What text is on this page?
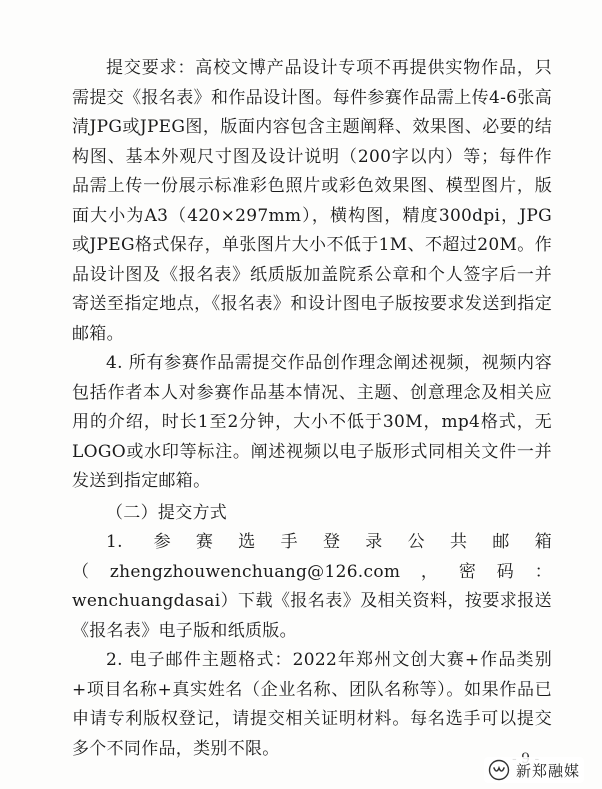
提交要求：高校文博产品设计专项不再提供实物作品，只需提交《报名表》和作品设计图。每件参赛作品需上传4-6张高清JPG或JPEG图，版面内容包含主题阐释、效果图、必要的结构图、基本外观尺寸图及设计说明（200字以内）等；每件作品需上传一份展示标准彩色照片或彩色效果图、模型图片，版面大小为A3（420×297mm），横构图，精度300dpi，JPG或JPEG格式保存，单张图片大小不低于1M、不超过20M。作品设计图及《报名表》纸质版加盖院系公章和个人签字后一并寄送至指定地点，《报名表》和设计图电子版按要求发送到指定邮箱。

4. 所有参赛作品需提交作品创作理念阐述视频，视频内容包括作者本人对参赛作品基本情况、主题、创意理念及相关应用的介绍，时长1至2分钟，大小不低于30M，mp4格式，无LOGO或水印等标注。阐述视频以电子版形式同相关文件一并发送到指定邮箱。

（二）提交方式

1. 参赛选手登录公共邮箱（zhengzhouwenchuang@126.com，密码：wenchuangdasai）下载《报名表》及相关资料，按要求报送《报名表》电子版和纸质版。

2. 电子邮件主题格式：2022年郑州文创大赛+作品类别+项目名称+真实姓名（企业名称、团队名称等）。如果作品已申请专利版权登记，请提交相关证明材料。每名选手可以提交多个不同作品，类别不限。

新郑融媒
